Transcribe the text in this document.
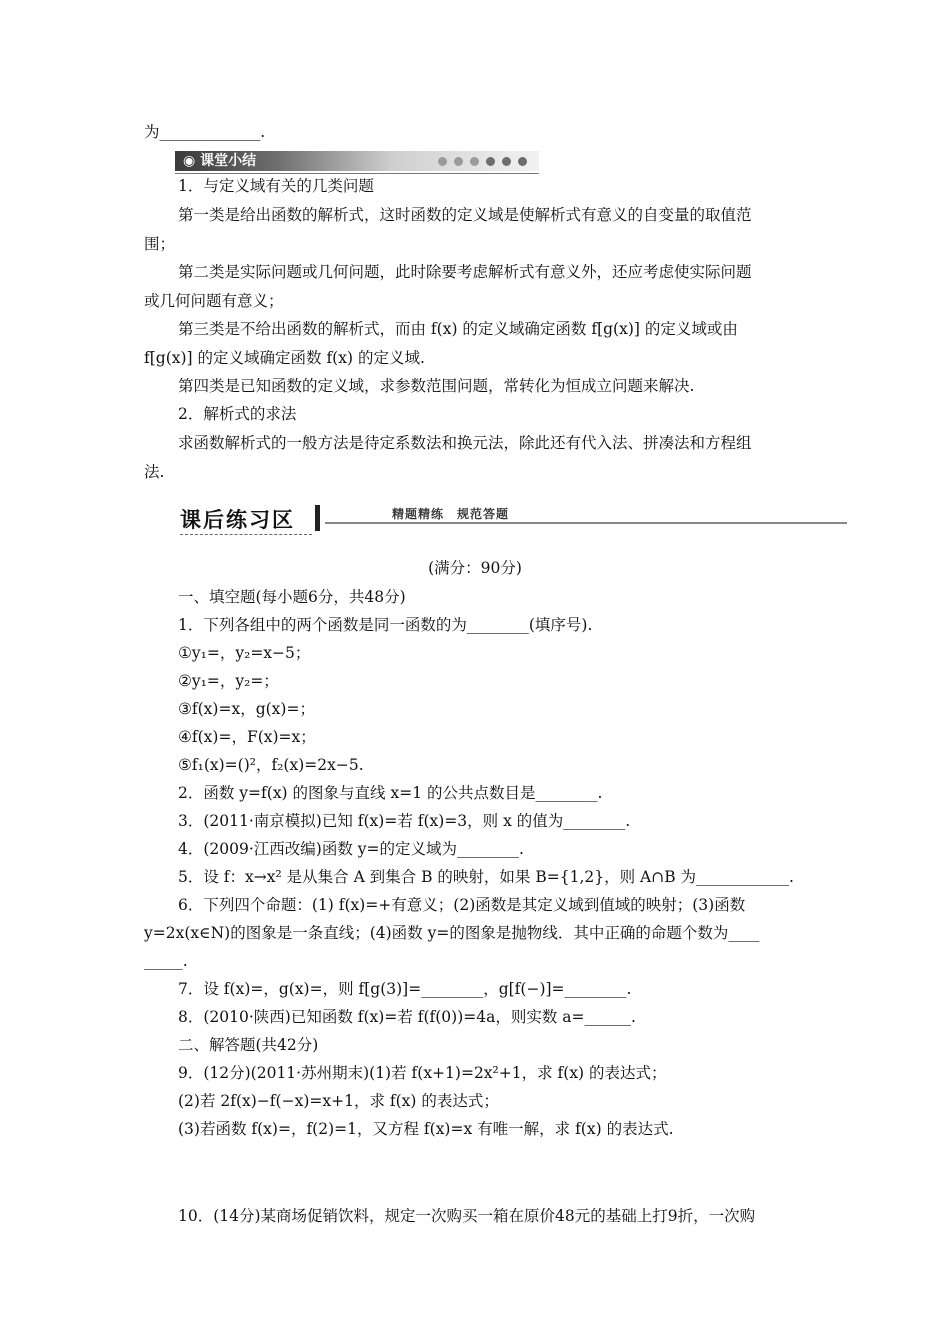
为_____________.
◉ 课堂小结
1．与定义域有关的几类问题
第一类是给出函数的解析式，这时函数的定义域是使解析式有意义的自变量的取值范
围；
第二类是实际问题或几何问题，此时除要考虑解析式有意义外，还应考虑使实际问题
或几何问题有意义；
第三类是不给出函数的解析式，而由 f(x) 的定义域确定函数 f[g(x)] 的定义域或由
f[g(x)] 的定义域确定函数 f(x) 的定义域.
第四类是已知函数的定义域，求参数范围问题，常转化为恒成立问题来解决.
2．解析式的求法
求函数解析式的一般方法是待定系数法和换元法，除此还有代入法、拼凑法和方程组
法.
课后练习区	精题精练　规范答题
(满分：90分)
一、填空题(每小题6分，共48分)
1．下列各组中的两个函数是同一函数的为________(填序号).
①y₁=，y₂=x−5；
②y₁=，y₂=；
③f(x)=x，g(x)=；
④f(x)=，F(x)=x；
⑤f₁(x)=()²，f₂(x)=2x−5.
2．函数 y=f(x) 的图象与直线 x=1 的公共点数目是________.
3．(2011·南京模拟)已知 f(x)=若 f(x)=3，则 x 的值为________.
4．(2009·江西改编)函数 y=的定义域为________.
5．设 f：x→x² 是从集合 A 到集合 B 的映射，如果 B={1,2}，则 A∩B 为____________.
6．下列四个命题：(1) f(x)=+有意义；(2)函数是其定义域到值域的映射；(3)函数
y=2x(x∈N)的图象是一条直线；(4)函数 y=的图象是抛物线．其中正确的命题个数为____
_____.
7．设 f(x)=，g(x)=，则 f[g(3)]=________，g[f(−)]=________.
8．(2010·陕西)已知函数 f(x)=若 f(f(0))=4a，则实数 a=______.
二、解答题(共42分)
9．(12分)(2011·苏州期末)(1)若 f(x+1)=2x²+1，求 f(x) 的表达式；
(2)若 2f(x)−f(−x)=x+1，求 f(x) 的表达式；
(3)若函数 f(x)=，f(2)=1，又方程 f(x)=x 有唯一解，求 f(x) 的表达式.
10．(14分)某商场促销饮料，规定一次购买一箱在原价48元的基础上打9折，一次购
